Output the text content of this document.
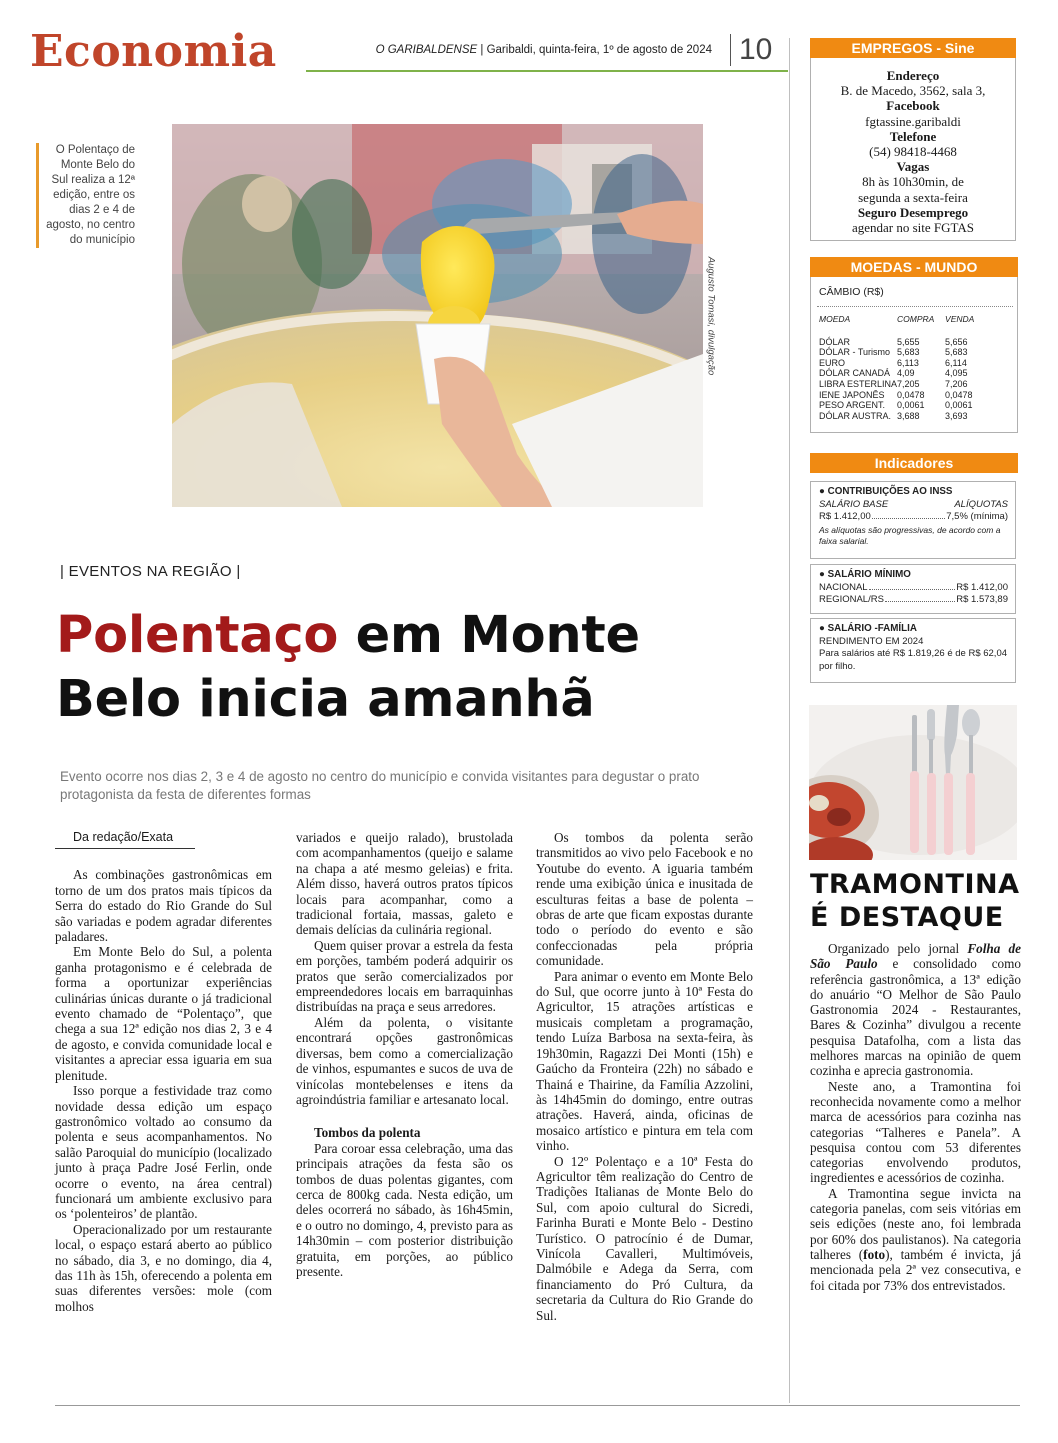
Economia	O GARIBALDENSE | Garibaldi, quinta-feira, 1º de agosto de 2024 10
O Polentaço de Monte Belo do Sul realiza a 12ª edição, entre os dias 2 e 4 de agosto, no centro do município
Augusto Tomasi, divulgação
| EVENTOS NA REGIÃO |
Polentaço em Monte Belo inicia amanhã
Evento ocorre nos dias 2, 3 e 4 de agosto no centro do município e convida visitantes para degustar o prato protagonista da festa de diferentes formas
Da redação/Exata

As combinações gastronômicas em torno de um dos pratos mais típicos da Serra do estado do Rio Grande do Sul são variadas e podem agradar diferentes paladares.

Em Monte Belo do Sul, a polenta ganha protagonismo e é celebrada de forma a oportunizar experiências culinárias únicas durante o já tradicional evento chamado de “Polentaço”, que chega a sua 12ª edição nos dias 2, 3 e 4 de agosto, e convida comunidade local e visitantes a apreciar essa iguaria em sua plenitude.

Isso porque a festividade traz como novidade dessa edição um espaço gastronômico voltado ao consumo da polenta e seus acompanhamentos. No salão Paroquial do município (localizado junto à praça Padre José Ferlin, onde ocorre o evento, na área central) funcionará um ambiente exclusivo para os ‘polenteiros’ de plantão.

Operacionalizado por um restaurante local, o espaço estará aberto ao público no sábado, dia 3, e no domingo, dia 4, das 11h às 15h, oferecendo a polenta em suas diferentes versões: mole (com molhos

variados e queijo ralado), brustolada com acompanhamentos (queijo e salame na chapa a até mesmo geleias) e frita. Além disso, haverá outros pratos típicos locais para acompanhar, como a tradicional fortaia, massas, galeto e demais delícias da culinária regional.

Quem quiser provar a estrela da festa em porções, também poderá adquirir os pratos que serão comercializados por empreendedores locais em barraquinhas distribuídas na praça e seus arredores.

Além da polenta, o visitante encontrará opções gastronômicas diversas, bem como a comercialização de vinhos, espumantes e sucos de uva de vinícolas montebelenses e itens da agroindústria familiar e artesanato local.

Tombos da polenta

Para coroar essa celebração, uma das principais atrações da festa são os tombos de duas polentas gigantes, com cerca de 800kg cada. Nesta edição, um deles ocorrerá no sábado, às 16h45min, e o outro no domingo, 4, previsto para as 14h30min – com posterior distribuição gratuita, em porções, ao público presente.

Os tombos da polenta serão transmitidos ao vivo pelo Facebook e no Youtube do evento. A iguaria também rende uma exibição única e inusitada de esculturas feitas a base de polenta – obras de arte que ficam expostas durante todo o período do evento e são confeccionadas pela própria comunidade.

Para animar o evento em Monte Belo do Sul, que ocorre junto à 10ª Festa do Agricultor, 15 atrações artísticas e musicais completam a programação, tendo Luíza Barbosa na sexta-feira, às 19h30min, Ragazzi Dei Monti (15h) e Gaúcho da Fronteira (22h) no sábado e Thainá e Thairine, da Família Azzolini, às 14h45min do domingo, entre outras atrações. Haverá, ainda, oficinas de mosaico artístico e pintura em tela com vinho.

O 12º Polentaço e a 10ª Festa do Agricultor têm realização do Centro de Tradições Italianas de Monte Belo do Sul, com apoio cultural do Sicredi, Farinha Burati e Monte Belo - Destino Turístico. O patrocínio é de Dumar, Vinícola Cavalleri, Multimóveis, Dalmóbile e Adega da Serra, com financiamento do Pró Cultura, da secretaria da Cultura do Rio Grande do Sul.

EMPREGOS - Sine
Endereço
B. de Macedo, 3562, sala 3,
Facebook
fgtassine.garibaldi
Telefone
(54) 98418-4468
Vagas
8h às 10h30min, de
segunda a sexta-feira
Seguro Desemprego
agendar no site FGTAS
MOEDAS - MUNDO
CÂMBIO (R$)
MOEDA	COMPRA	VENDA
DÓLAR	5,655	5,656
DÓLAR - Turismo	5,683	5,683
EURO	6,113	6,114
DÓLAR CANADÁ	4,09	4,095
LIBRA ESTERLINA	7,205	7,206
IENE JAPONÊS	0,0478	0,0478
PESO ARGENT.	0,0061	0,0061
DÓLAR AUSTRA.	3,688	3,693
Indicadores
● CONTRIBUIÇÕES AO INSS
SALÁRIO BASE	ALÍQUOTAS
R$ 1.412,00	7,5% (mínima)
As alíquotas são progressivas, de acordo com a faixa salarial.
● SALÁRIO MÍNIMO
NACIONAL	R$ 1.412,00
REGIONAL/RS	R$ 1.573,89
● SALÁRIO -FAMÍLIA
RENDIMENTO EM 2024
Para salários até R$ 1.819,26 é de R$ 62,04 por filho.
TRAMONTINA É DESTAQUE

Organizado pelo jornal Folha de São Paulo e consolidado como referência gastronômica, a 13ª edição do anuário “O Melhor de São Paulo Gastronomia 2024 - Restaurantes, Bares & Cozinha” divulgou a recente pesquisa Datafolha, com a lista das melhores marcas na opinião de quem cozinha e aprecia gastronomia.

Neste ano, a Tramontina foi reconhecida novamente como a melhor marca de acessórios para cozinha nas categorias “Talheres e Panela”. A pesquisa contou com 53 diferentes categorias envolvendo produtos, ingredientes e acessórios de cozinha.

A Tramontina segue invicta na categoria panelas, com seis vitórias em seis edições (neste ano, foi lembrada por 60% dos paulistanos). Na categoria talheres (foto), também é invicta, já mencionada pela 2ª vez consecutiva, e foi citada por 73% dos entrevistados.
